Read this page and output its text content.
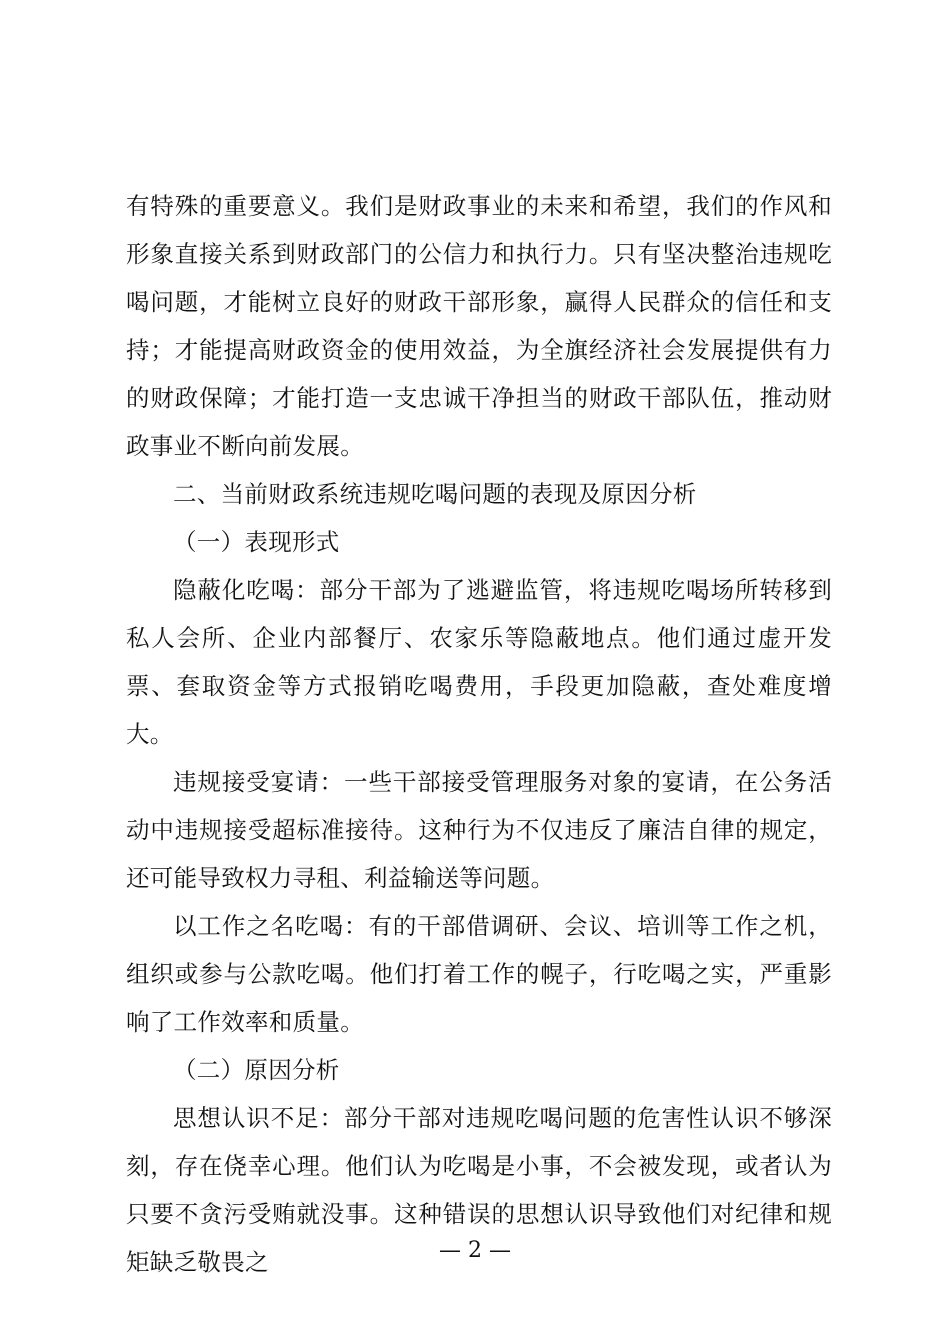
有特殊的重要意义。我们是财政事业的未来和希望，我们的作风和形象直接关系到财政部门的公信力和执行力。只有坚决整治违规吃喝问题，才能树立良好的财政干部形象，赢得人民群众的信任和支持；才能提高财政资金的使用效益，为全旗经济社会发展提供有力的财政保障；才能打造一支忠诚干净担当的财政干部队伍，推动财政事业不断向前发展。

二、当前财政系统违规吃喝问题的表现及原因分析

（一）表现形式

隐蔽化吃喝：部分干部为了逃避监管，将违规吃喝场所转移到私人会所、企业内部餐厅、农家乐等隐蔽地点。他们通过虚开发票、套取资金等方式报销吃喝费用，手段更加隐蔽，查处难度增大。

违规接受宴请：一些干部接受管理服务对象的宴请，在公务活动中违规接受超标准接待。这种行为不仅违反了廉洁自律的规定，还可能导致权力寻租、利益输送等问题。

以工作之名吃喝：有的干部借调研、会议、培训等工作之机，组织或参与公款吃喝。他们打着工作的幌子，行吃喝之实，严重影响了工作效率和质量。

（二）原因分析

思想认识不足：部分干部对违规吃喝问题的危害性认识不够深刻，存在侥幸心理。他们认为吃喝是小事，不会被发现，或者认为只要不贪污受贿就没事。这种错误的思想认识导致他们对纪律和规矩缺乏敬畏之	— 2 —
